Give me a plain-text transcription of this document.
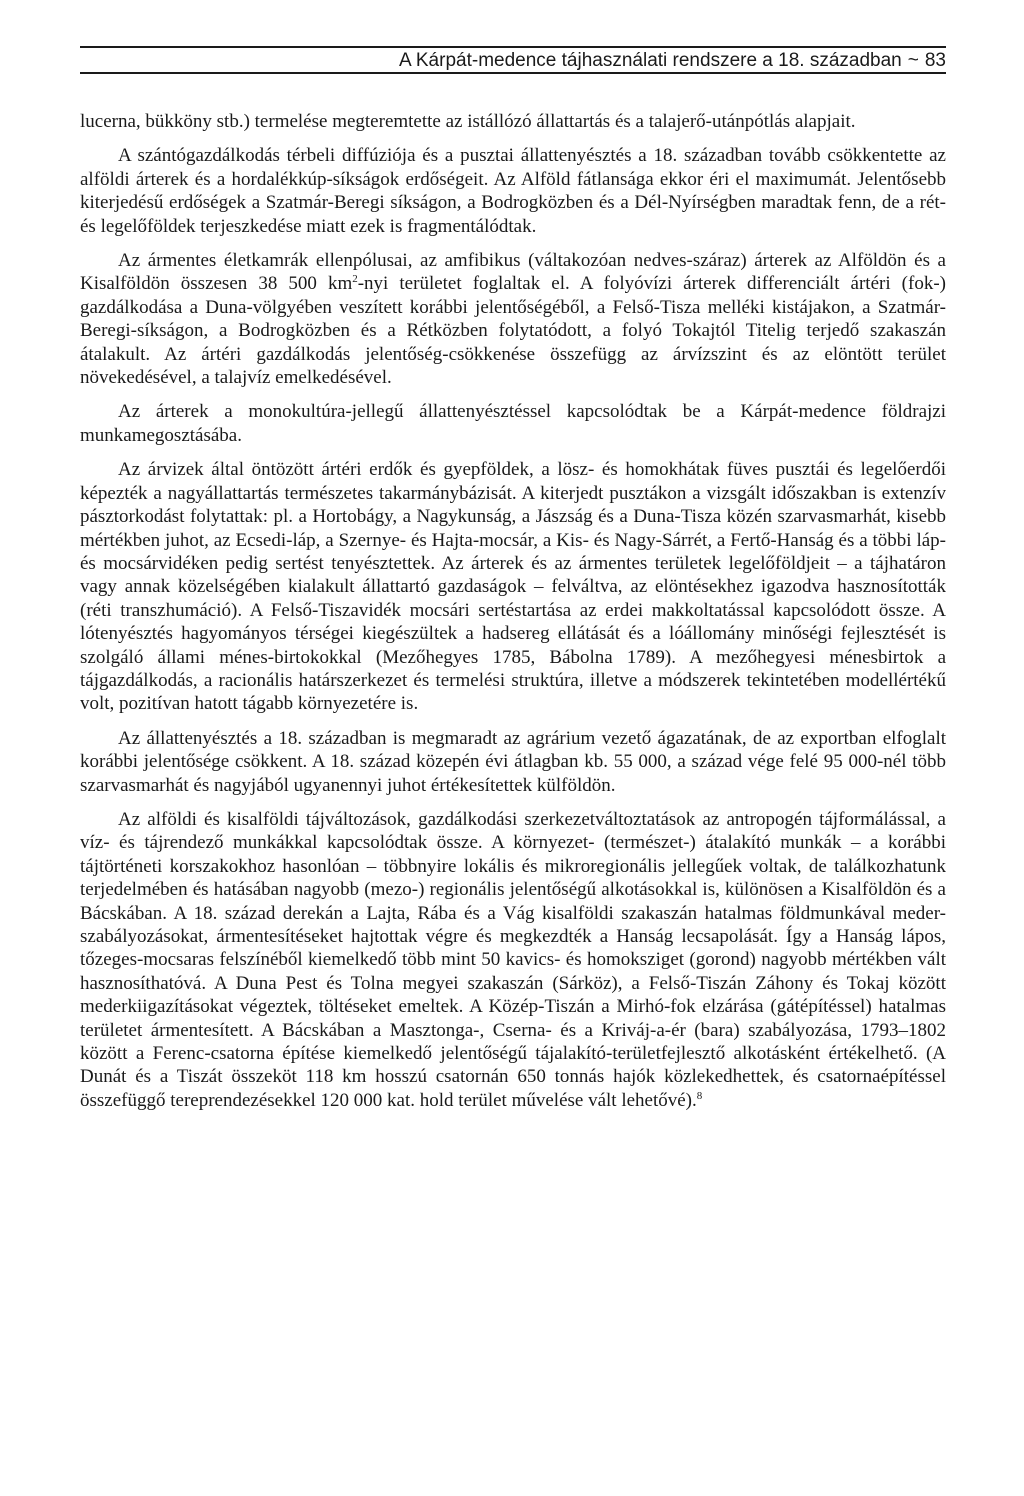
A Kárpát-medence tájhasználati rendszere a 18. században ~ 83

lucerna, bükköny stb.) termelése megteremtette az istállózó állattartás és a talajerő-utánpótlás alapjait.

A szántógazdálkodás térbeli diffúziója és a pusztai állattenyésztés a 18. században tovább csökkentette az alföldi árterek és a hordalékkúp-síkságok erdőségeit. Az Alföld fátlansága ekkor éri el maximumát. Jelentősebb kiterjedésű erdőségek a Szatmár-Beregi síkságon, a Bodrogközben és a Dél-Nyírségben maradtak fenn, de a rét- és legelőföldek terjeszkedése miatt ezek is fragmentálódtak.

Az ármentes életkamrák ellenpólusai, az amfibikus (váltakozóan nedves-száraz) árterek az Alföldön és a Kisalföldön összesen 38 500 $km^2$-nyi területet foglaltak el. A folyóvízi árterek differenciált ártéri (fok-) gazdálkodása a Duna-völgyében veszített korábbi jelentőségéből, a Felső-Tisza melléki kistájakon, a Szatmár-Beregi-síkságon, a Bodrogközben és a Rétközben folytatódott, a folyó Tokajtól Titelig terjedő szakaszán átalakult. Az ártéri gazdálkodás jelentőség-csökkenése összefügg az árvízszint és az elöntött terület növekedésével, a talajvíz emelkedésével.

Az árterek a monokultúra-jellegű állattenyésztéssel kapcsolódtak be a Kárpát-medence földrajzi munkamegosztásába.

Az árvizek által öntözött ártéri erdők és gyepföldek, a lösz- és homokhátak füves pusztái és legelőerdői képezték a nagyállattartás természetes takarmánybázisát. A kiterjedt pusztákon a vizsgált időszakban is extenzív pásztorkodást folytattak: pl. a Hortobágy, a Nagykunság, a Jászság és a Duna-Tisza közén szarvasmarhát, kisebb mértékben juhot, az Ecsedi-láp, a Szernye- és Hajta-mocsár, a Kis- és Nagy-Sárrét, a Fertő-Hanság és a többi láp- és mocsárvidéken pedig sertést tenyésztettek. Az árterek és az ármentes területek legelőföldjeit – a tájhatáron vagy annak közelségében kialakult állattartó gazdaságok – felváltva, az elöntésekhez igazodva hasznosították (réti transzhumáció). A Felső-Tiszavidék mocsári sertéstartása az erdei makkoltatással kapcsolódott össze. A lótenyésztés hagyományos térségei kiegészültek a hadsereg ellátását és a lóállomány minőségi fejlesztését is szolgáló állami ménes-birtokokkal (Mezőhegyes 1785, Bábolna 1789). A mezőhegyesi ménesbirtok a tájgazdálkodás, a racionális határszerkezet és termelési struktúra, illetve a módszerek tekintetében modellértékű volt, pozitívan hatott tágabb környezetére is.

Az állattenyésztés a 18. században is megmaradt az agrárium vezető ágazatának, de az exportban elfoglalt korábbi jelentősége csökkent. A 18. század közepén évi átlagban kb. 55 000, a század vége felé 95 000-nél több szarvasmarhát és nagyjából ugyanennyi juhot értékesítettek külföldön.

Az alföldi és kisalföldi tájváltozások, gazdálkodási szerkezetváltoztatások az antropogén tájformálással, a víz- és tájrendező munkákkal kapcsolódtak össze. A környezet- (természet-) átalakító munkák – a korábbi tájtörténeti korszakokhoz hasonlóan – többnyire lokális és mikroregionális jellegűek voltak, de találkozhatunk terjedelmében és hatásában nagyobb (mezo-) regionális jelentőségű alkotásokkal is, különösen a Kisalföldön és a Bácskában. A 18. század derekán a Lajta, Rába és a Vág kisalföldi szakaszán hatalmas földmunkával meder-szabályozásokat, ármentesítéseket hajtottak végre és megkezdték a Hanság lecsapolását. Így a Hanság lápos, tőzeges-mocsaras felszínéből kiemelkedő több mint 50 kavics- és homoksziget (gorond) nagyobb mértékben vált hasznosíthatóvá. A Duna Pest és Tolna megyei szakaszán (Sárköz), a Felső-Tiszán Záhony és Tokaj között mederkiigazításokat végeztek, töltéseket emeltek. A Közép-Tiszán a Mirhó-fok elzárása (gátépítéssel) hatalmas területet ármentesített. A Bácskában a Masztonga-, Cserna- és a Kriváj-a-ér (bara) szabályozása, 1793–1802 között a Ferenc-csatorna építése kiemelkedő jelentőségű tájalakító-területfejlesztő alkotásként értékelhető. (A Dunát és a Tiszát összeköt 118 km hosszú csatornán 650 tonnás hajók közlekedhettek, és csatornaépítéssel összefüggő tereprendezésekkel 120 000 kat. hold terület művelése vált lehetővé).$^8$
